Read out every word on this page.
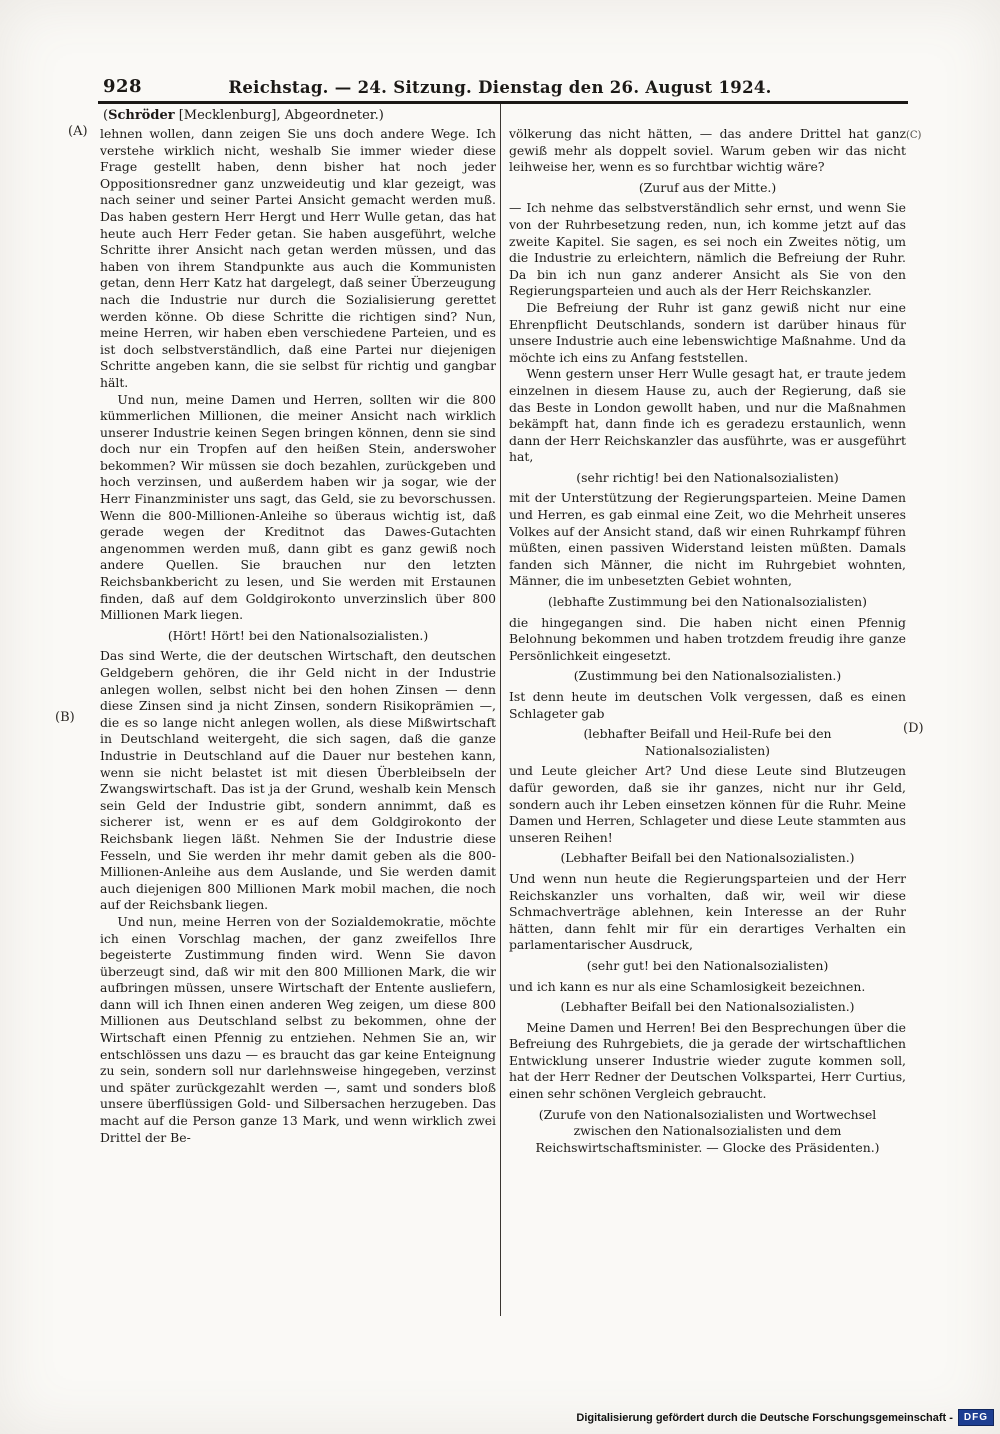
928	Reichstag. — 24. Sitzung. Dienstag den 26. August 1924.
(Schröder [Mecklenburg], Abgeordneter.)
(A)
(B)
(C)
(D)

lehnen wollen, dann zeigen Sie uns doch andere Wege. Ich verstehe wirklich nicht, weshalb Sie immer wieder diese Frage gestellt haben, denn bisher hat noch jeder Oppositionsredner ganz unzweideutig und klar gezeigt, was nach seiner und seiner Partei Ansicht gemacht werden muß. Das haben gestern Herr Hergt und Herr Wulle getan, das hat heute auch Herr Feder getan. Sie haben ausgeführt, welche Schritte ihrer Ansicht nach getan werden müssen, und das haben von ihrem Standpunkte aus auch die Kommunisten getan, denn Herr Katz hat dargelegt, daß seiner Überzeugung nach die Industrie nur durch die Sozialisierung gerettet werden könne. Ob diese Schritte die richtigen sind? Nun, meine Herren, wir haben eben verschiedene Parteien, und es ist doch selbstverständlich, daß eine Partei nur diejenigen Schritte angeben kann, die sie selbst für richtig und gangbar hält.

Und nun, meine Damen und Herren, sollten wir die 800 kümmerlichen Millionen, die meiner Ansicht nach wirklich unserer Industrie keinen Segen bringen können, denn sie sind doch nur ein Tropfen auf den heißen Stein, anderswoher bekommen? Wir müssen sie doch bezahlen, zurückgeben und hoch verzinsen, und außerdem haben wir ja sogar, wie der Herr Finanzminister uns sagt, das Geld, sie zu bevorschussen. Wenn die 800-Millionen-Anleihe so überaus wichtig ist, daß gerade wegen der Kreditnot das Dawes-Gutachten angenommen werden muß, dann gibt es ganz gewiß noch andere Quellen. Sie brauchen nur den letzten Reichsbankbericht zu lesen, und Sie werden mit Erstaunen finden, daß auf dem Goldgirokonto unverzinslich über 800 Millionen Mark liegen.

(Hört! Hört! bei den Nationalsozialisten.)

Das sind Werte, die der deutschen Wirtschaft, den deutschen Geldgebern gehören, die ihr Geld nicht in der Industrie anlegen wollen, selbst nicht bei den hohen Zinsen — denn diese Zinsen sind ja nicht Zinsen, sondern Risikoprämien —, die es so lange nicht anlegen wollen, als diese Mißwirtschaft in Deutschland weitergeht, die sich sagen, daß die ganze Industrie in Deutschland auf die Dauer nur bestehen kann, wenn sie nicht belastet ist mit diesen Überbleibseln der Zwangswirtschaft. Das ist ja der Grund, weshalb kein Mensch sein Geld der Industrie gibt, sondern annimmt, daß es sicherer ist, wenn er es auf dem Goldgirokonto der Reichsbank liegen läßt. Nehmen Sie der Industrie diese Fesseln, und Sie werden ihr mehr damit geben als die 800-Millionen-Anleihe aus dem Auslande, und Sie werden damit auch diejenigen 800 Millionen Mark mobil machen, die noch auf der Reichsbank liegen.

Und nun, meine Herren von der Sozialdemokratie, möchte ich einen Vorschlag machen, der ganz zweifellos Ihre begeisterte Zustimmung finden wird. Wenn Sie davon überzeugt sind, daß wir mit den 800 Millionen Mark, die wir aufbringen müssen, unsere Wirtschaft der Entente ausliefern, dann will ich Ihnen einen anderen Weg zeigen, um diese 800 Millionen aus Deutschland selbst zu bekommen, ohne der Wirtschaft einen Pfennig zu entziehen. Nehmen Sie an, wir entschlössen uns dazu — es braucht das gar keine Enteignung zu sein, sondern soll nur darlehnsweise hingegeben, verzinst und später zurückgezahlt werden —, samt und sonders bloß unsere überflüssigen Gold- und Silbersachen herzugeben. Das macht auf die Person ganze 13 Mark, und wenn wirklich zwei Drittel der Be-

völkerung das nicht hätten, — das andere Drittel hat ganz gewiß mehr als doppelt soviel. Warum geben wir das nicht leihweise her, wenn es so furchtbar wichtig wäre?

(Zuruf aus der Mitte.)

— Ich nehme das selbstverständlich sehr ernst, und wenn Sie von der Ruhrbesetzung reden, nun, ich komme jetzt auf das zweite Kapitel. Sie sagen, es sei noch ein Zweites nötig, um die Industrie zu erleichtern, nämlich die Befreiung der Ruhr. Da bin ich nun ganz anderer Ansicht als Sie von den Regierungsparteien und auch als der Herr Reichskanzler.

Die Befreiung der Ruhr ist ganz gewiß nicht nur eine Ehrenpflicht Deutschlands, sondern ist darüber hinaus für unsere Industrie auch eine lebenswichtige Maßnahme. Und da möchte ich eins zu Anfang feststellen.

Wenn gestern unser Herr Wulle gesagt hat, er traute jedem einzelnen in diesem Hause zu, auch der Regierung, daß sie das Beste in London gewollt haben, und nur die Maßnahmen bekämpft hat, dann finde ich es geradezu erstaunlich, wenn dann der Herr Reichskanzler das ausführte, was er ausgeführt hat,

(sehr richtig! bei den Nationalsozialisten)

mit der Unterstützung der Regierungsparteien. Meine Damen und Herren, es gab einmal eine Zeit, wo die Mehrheit unseres Volkes auf der Ansicht stand, daß wir einen Ruhrkampf führen müßten, einen passiven Widerstand leisten müßten. Damals fanden sich Männer, die nicht im Ruhrgebiet wohnten, Männer, die im unbesetzten Gebiet wohnten,

(lebhafte Zustimmung bei den Nationalsozialisten)

die hingegangen sind. Die haben nicht einen Pfennig Belohnung bekommen und haben trotzdem freudig ihre ganze Persönlichkeit eingesetzt.

(Zustimmung bei den Nationalsozialisten.)

Ist denn heute im deutschen Volk vergessen, daß es einen Schlageter gab

(lebhafter Beifall und Heil-Rufe bei den Nationalsozialisten)

und Leute gleicher Art? Und diese Leute sind Blutzeugen dafür geworden, daß sie ihr ganzes, nicht nur ihr Geld, sondern auch ihr Leben einsetzen können für die Ruhr. Meine Damen und Herren, Schlageter und diese Leute stammten aus unseren Reihen!

(Lebhafter Beifall bei den Nationalsozialisten.)

Und wenn nun heute die Regierungsparteien und der Herr Reichskanzler uns vorhalten, daß wir, weil wir diese Schmachverträge ablehnen, kein Interesse an der Ruhr hätten, dann fehlt mir für ein derartiges Verhalten ein parlamentarischer Ausdruck,

(sehr gut! bei den Nationalsozialisten)

und ich kann es nur als eine Schamlosigkeit bezeichnen.

(Lebhafter Beifall bei den Nationalsozialisten.)

Meine Damen und Herren! Bei den Besprechungen über die Befreiung des Ruhrgebiets, die ja gerade der wirtschaftlichen Entwicklung unserer Industrie wieder zugute kommen soll, hat der Herr Redner der Deutschen Volkspartei, Herr Curtius, einen sehr schönen Vergleich gebraucht.

(Zurufe von den Nationalsozialisten und Wortwechsel zwischen den Nationalsozialisten und dem Reichswirtschaftsminister. — Glocke des Präsidenten.)

Digitalisierung gefördert durch die Deutsche Forschungsgemeinschaft -	DFG
